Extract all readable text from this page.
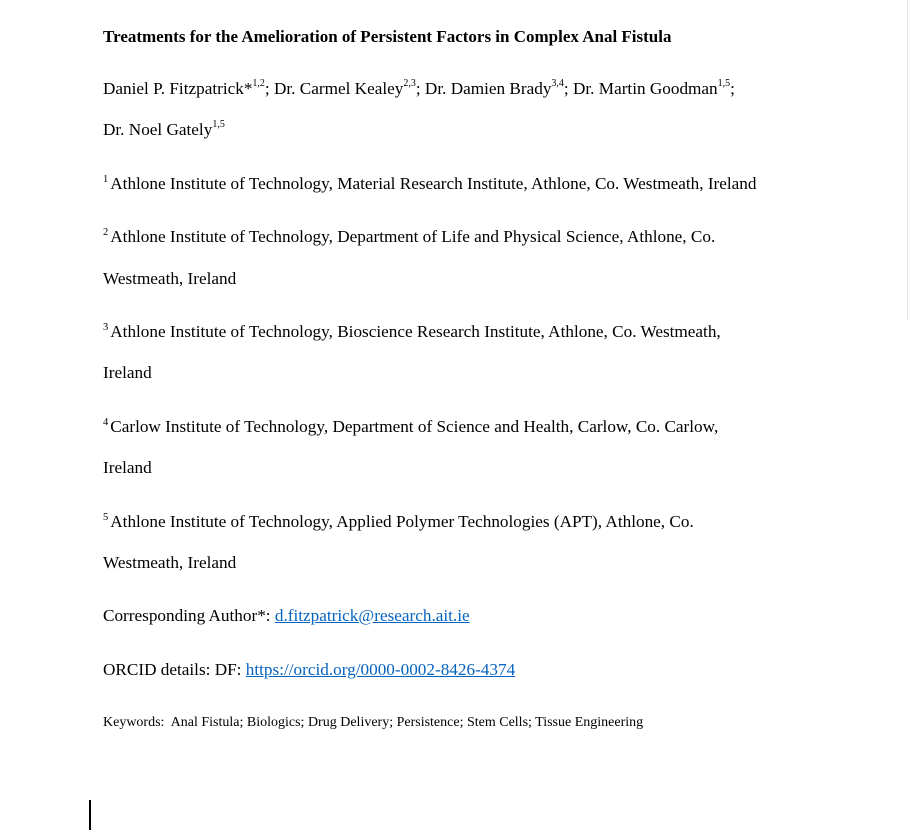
Treatments for the Amelioration of Persistent Factors in Complex Anal Fistula
Daniel P. Fitzpatrick*$^{1,2}$; Dr. Carmel Kealey$^{2,3}$; Dr. Damien Brady$^{3,4}$; Dr. Martin Goodman$^{1,5}$;
Dr. Noel Gately$^{1,5}$
$^1$ Athlone Institute of Technology, Material Research Institute, Athlone, Co. Westmeath, Ireland
$^2$ Athlone Institute of Technology, Department of Life and Physical Science, Athlone, Co.
Westmeath, Ireland
$^3$ Athlone Institute of Technology, Bioscience Research Institute, Athlone, Co. Westmeath,
Ireland
$^4$ Carlow Institute of Technology, Department of Science and Health, Carlow, Co. Carlow,
Ireland
$^5$ Athlone Institute of Technology, Applied Polymer Technologies (APT), Athlone, Co.
Westmeath, Ireland
Corresponding Author*: d.fitzpatrick@research.ait.ie
ORCID details: DF: https://orcid.org/0000-0002-8426-4374
Keywords:  Anal Fistula; Biologics; Drug Delivery; Persistence; Stem Cells; Tissue Engineering
